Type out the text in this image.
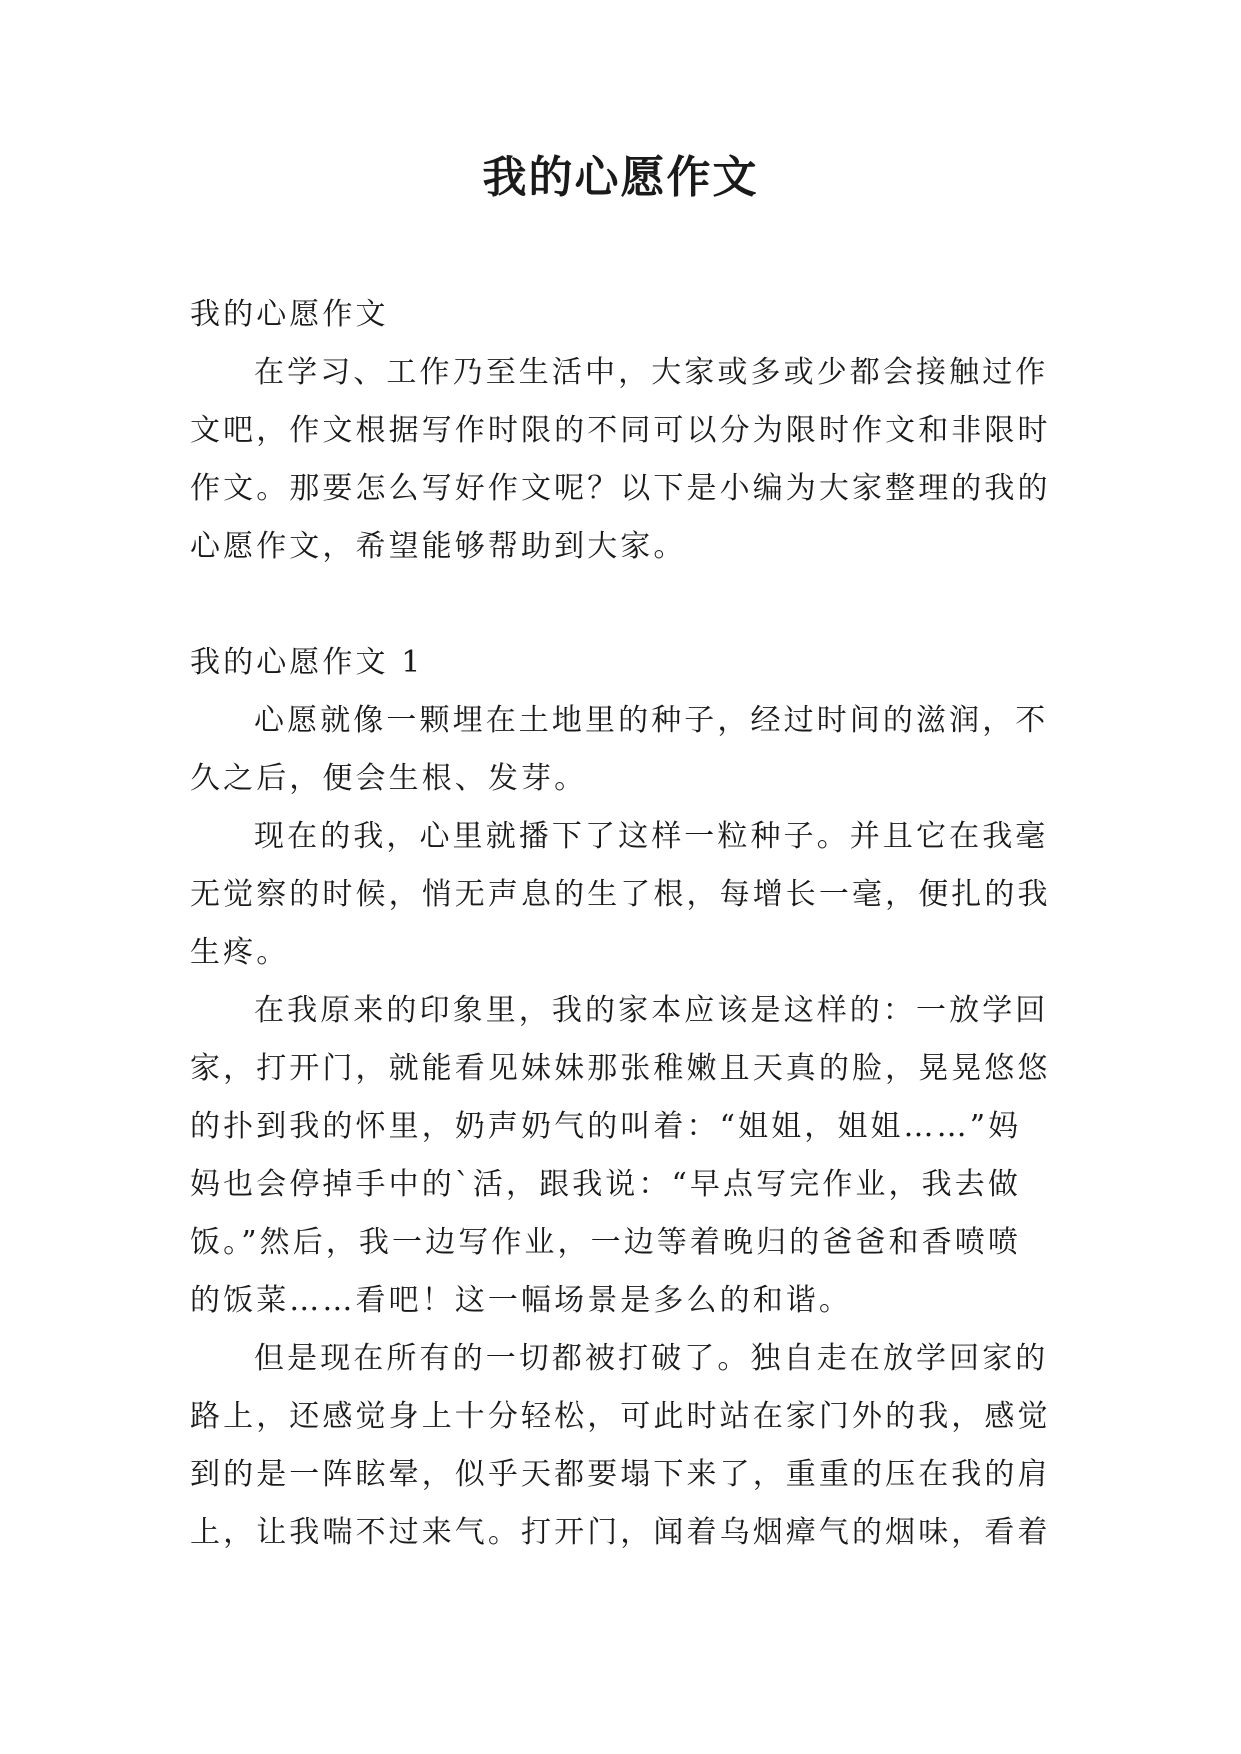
我的心愿作文
我的心愿作文
在学习、工作乃至生活中，大家或多或少都会接触过作
文吧，作文根据写作时限的不同可以分为限时作文和非限时
作文。那要怎么写好作文呢？以下是小编为大家整理的我的
心愿作文，希望能够帮助到大家。
我的心愿作文 1
心愿就像一颗埋在土地里的种子，经过时间的滋润，不
久之后，便会生根、发芽。
现在的我，心里就播下了这样一粒种子。并且它在我毫
无觉察的时候，悄无声息的生了根，每增长一毫，便扎的我
生疼。
在我原来的印象里，我的家本应该是这样的：一放学回
家，打开门，就能看见妹妹那张稚嫩且天真的脸，晃晃悠悠
的扑到我的怀里，奶声奶气的叫着：“姐姐，姐姐……”妈
妈也会停掉手中的`活，跟我说：“早点写完作业，我去做
饭。”然后，我一边写作业，一边等着晚归的爸爸和香喷喷
的饭菜……看吧！这一幅场景是多么的和谐。
但是现在所有的一切都被打破了。独自走在放学回家的
路上，还感觉身上十分轻松，可此时站在家门外的我，感觉
到的是一阵眩晕，似乎天都要塌下来了，重重的压在我的肩
上，让我喘不过来气。打开门，闻着乌烟瘴气的烟味，看着
